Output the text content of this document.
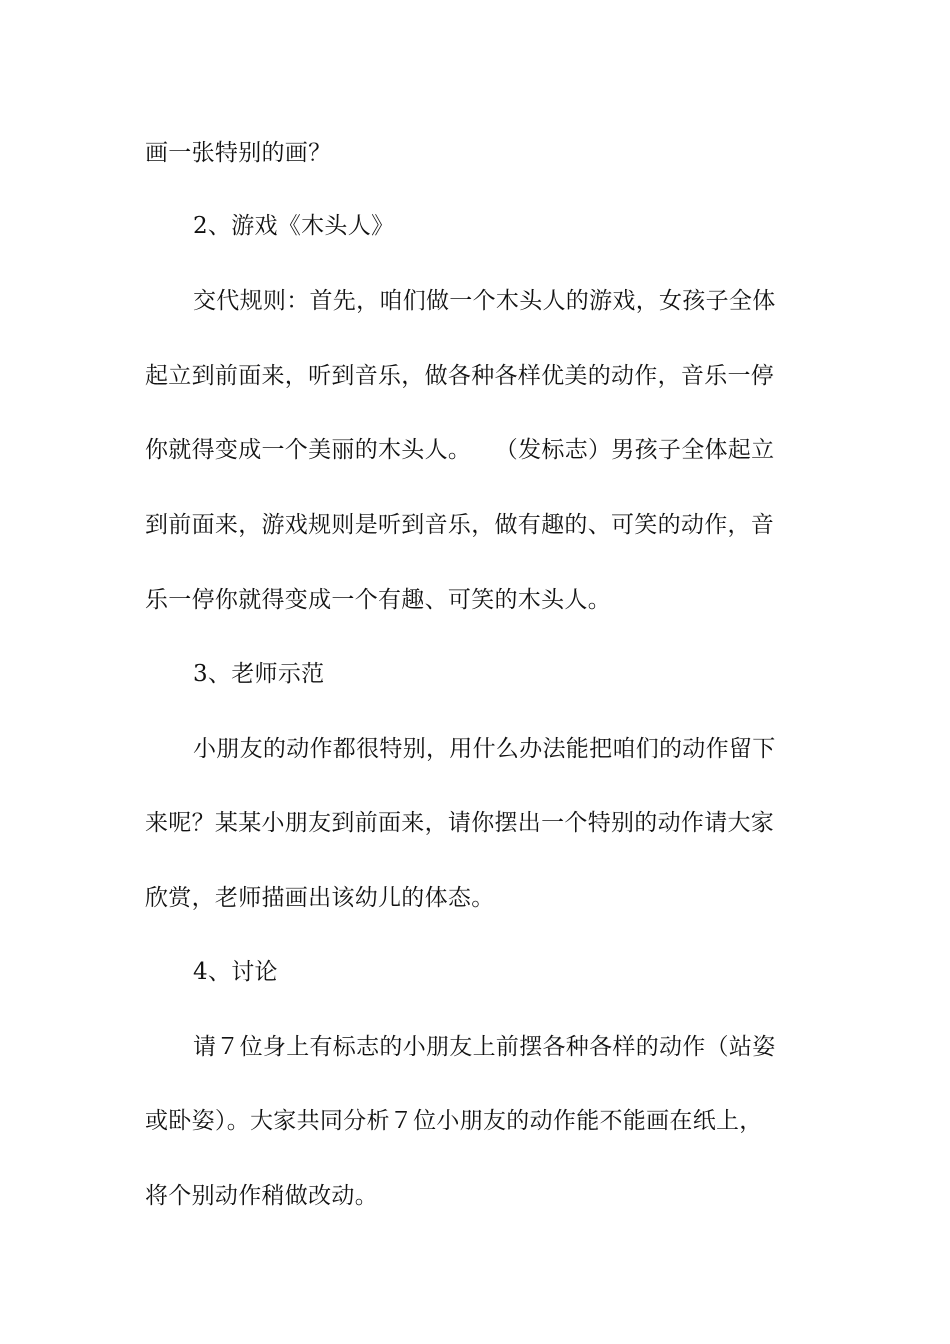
画一张特别的画？
2、游戏《木头人》
交代规则：首先，咱们做一个木头人的游戏，女孩子全体
起立到前面来，听到音乐，做各种各样优美的动作，音乐一停
你就得变成一个美丽的木头人。　　（发标志）男孩子全体起立
到前面来，游戏规则是听到音乐，做有趣的、可笑的动作，音
乐一停你就得变成一个有趣、可笑的木头人。
3、老师示范
小朋友的动作都很特别，用什么办法能把咱们的动作留下
来呢？某某小朋友到前面来，请你摆出一个特别的动作请大家
欣赏，老师描画出该幼儿的体态。
4、讨论
请７位身上有标志的小朋友上前摆各种各样的动作（站姿
或卧姿）。大家共同分析７位小朋友的动作能不能画在纸上，
将个别动作稍做改动。
